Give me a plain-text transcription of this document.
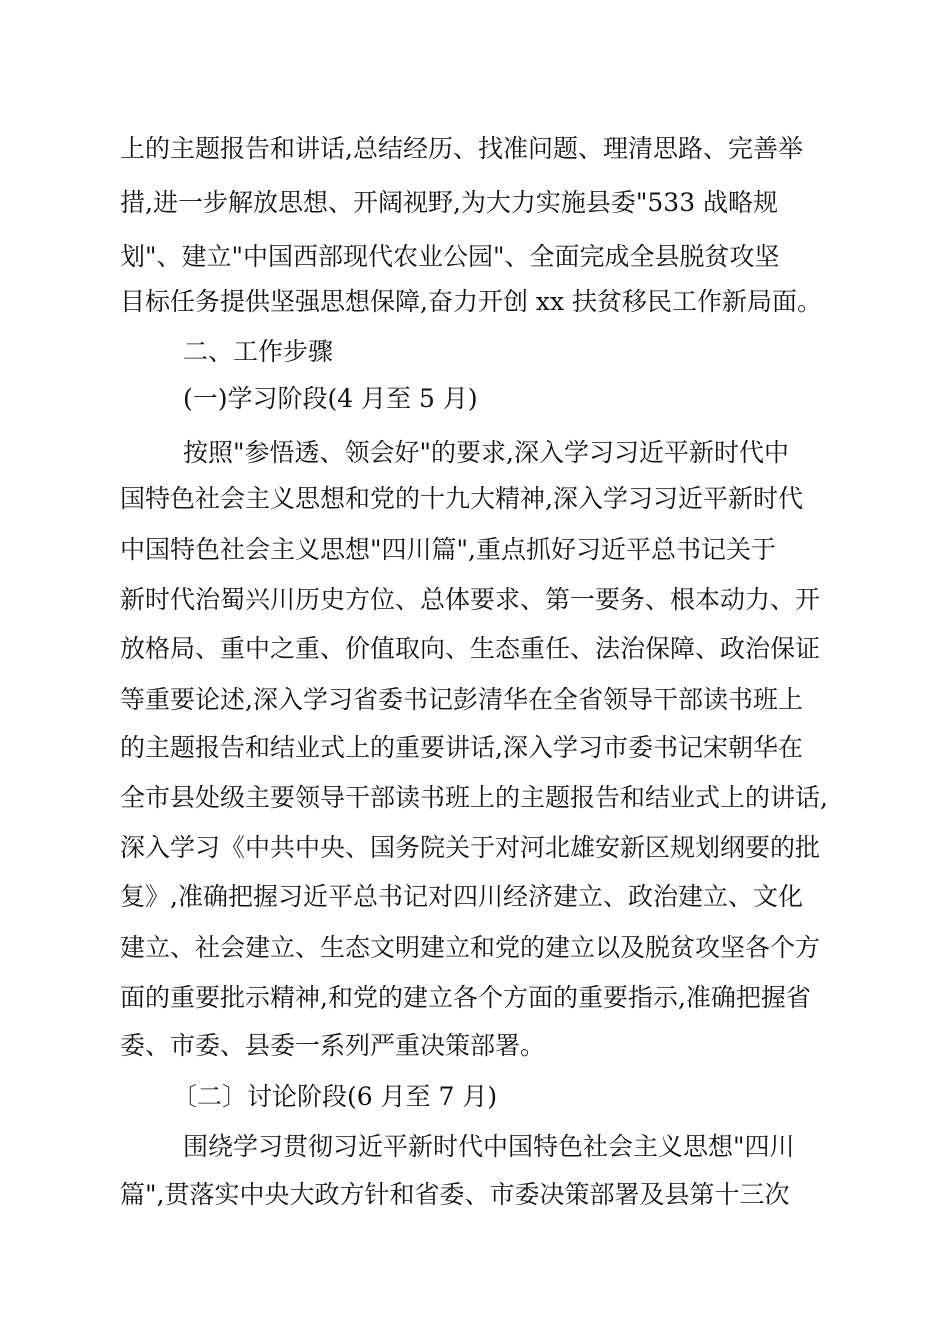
上的主题报告和讲话,总结经历、找准问题、理清思路、完善举
措,进一步解放思想、开阔视野,为大力实施县委"533 战略规
划"、建立"中国西部现代农业公园"、全面完成全县脱贫攻坚
目标任务提供坚强思想保障,奋力开创 xx 扶贫移民工作新局面。
二、工作步骤
(一)学习阶段(4 月至 5 月)
按照"参悟透、领会好"的要求,深入学习习近平新时代中
国特色社会主义思想和党的十九大精神,深入学习习近平新时代
中国特色社会主义思想"四川篇",重点抓好习近平总书记关于
新时代治蜀兴川历史方位、总体要求、第一要务、根本动力、开
放格局、重中之重、价值取向、生态重任、法治保障、政治保证
等重要论述,深入学习省委书记彭清华在全省领导干部读书班上
的主题报告和结业式上的重要讲话,深入学习市委书记宋朝华在
全市县处级主要领导干部读书班上的主题报告和结业式上的讲话,
深入学习《中共中央、国务院关于对河北雄安新区规划纲要的批
复》,准确把握习近平总书记对四川经济建立、政治建立、文化
建立、社会建立、生态文明建立和党的建立以及脱贫攻坚各个方
面的重要批示精神,和党的建立各个方面的重要指示,准确把握省
委、市委、县委一系列严重决策部署。
〔二〕讨论阶段(6 月至 7 月)
围绕学习贯彻习近平新时代中国特色社会主义思想"四川
篇",贯落实中央大政方针和省委、市委决策部署及县第十三次
